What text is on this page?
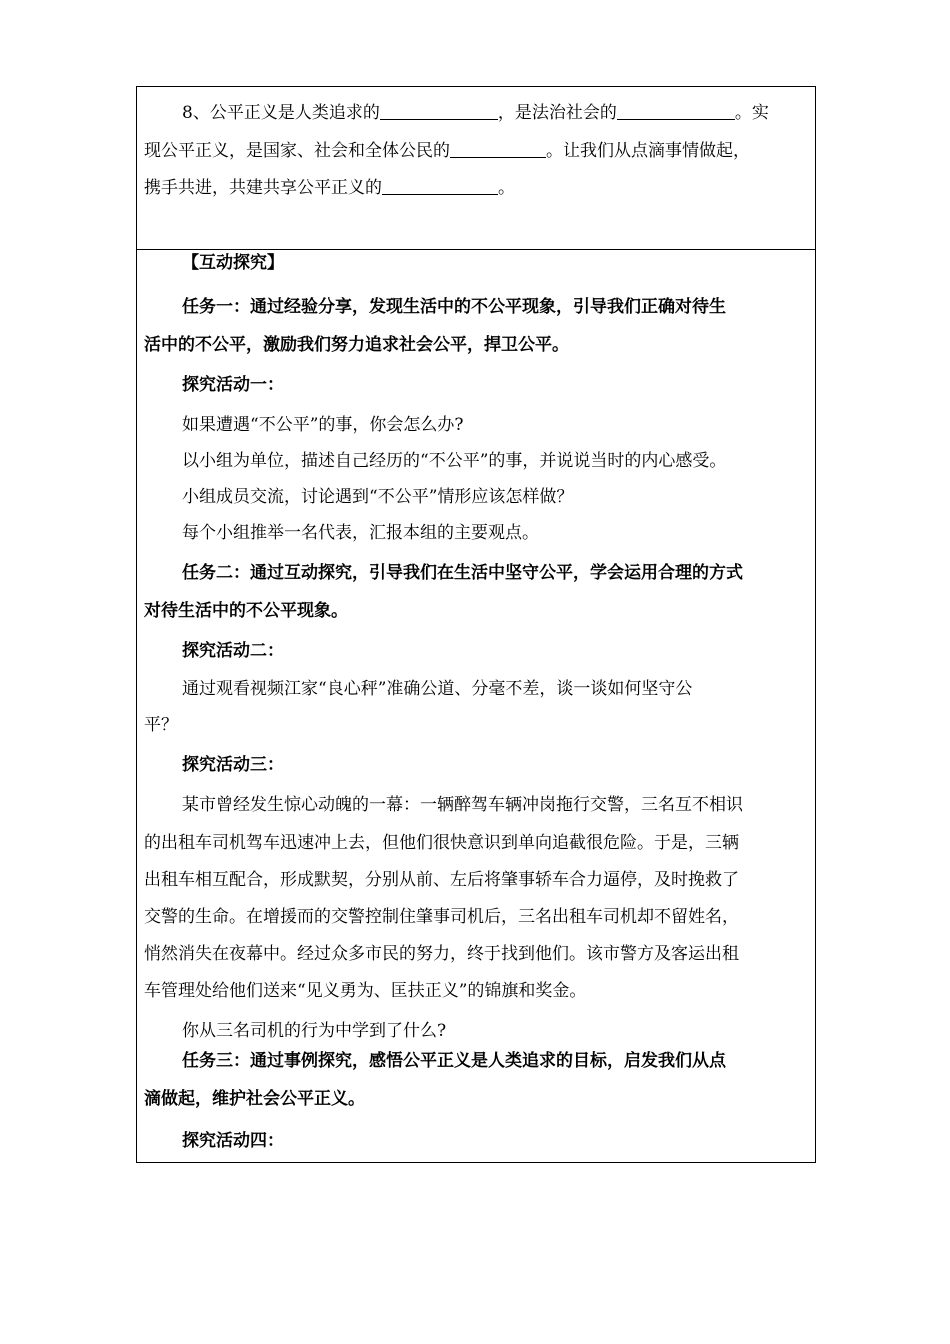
8、公平正义是人类追求的	，是法治社会的	。实
现公平正义，是国家、社会和全体公民的	。让我们从点滴事情做起，
携手共进，共建共享公平正义的	。
【互动探究】
任务一：通过经验分享，发现生活中的不公平现象，引导我们正确对待生
活中的不公平，激励我们努力追求社会公平，捍卫公平。
探究活动一：
如果遭遇“不公平”的事，你会怎么办?
以小组为单位，描述自己经历的“不公平”的事，并说说当时的内心感受。
小组成员交流，讨论遇到“不公平”情形应该怎样做？
每个小组推举一名代表，汇报本组的主要观点。
任务二：通过互动探究，引导我们在生活中坚守公平，学会运用合理的方式
对待生活中的不公平现象。
探究活动二：
通过观看视频江家“良心秤”准确公道、分毫不差，谈一谈如何坚守公
平？
探究活动三：
某市曾经发生惊心动魄的一幕：一辆醉驾车辆冲岗拖行交警，三名互不相识
的出租车司机驾车迅速冲上去，但他们很快意识到单向追截很危险。于是，三辆
出租车相互配合，形成默契，分别从前、左后将肇事轿车合力逼停，及时挽救了
交警的生命。在增援而的交警控制住肇事司机后，三名出租车司机却不留姓名，
悄然消失在夜幕中。经过众多市民的努力，终于找到他们。该市警方及客运出租
车管理处给他们送来“见义勇为、匡扶正义”的锦旗和奖金。
你从三名司机的行为中学到了什么?
任务三：通过事例探究，感悟公平正义是人类追求的目标，启发我们从点
滴做起，维护社会公平正义。
探究活动四：
